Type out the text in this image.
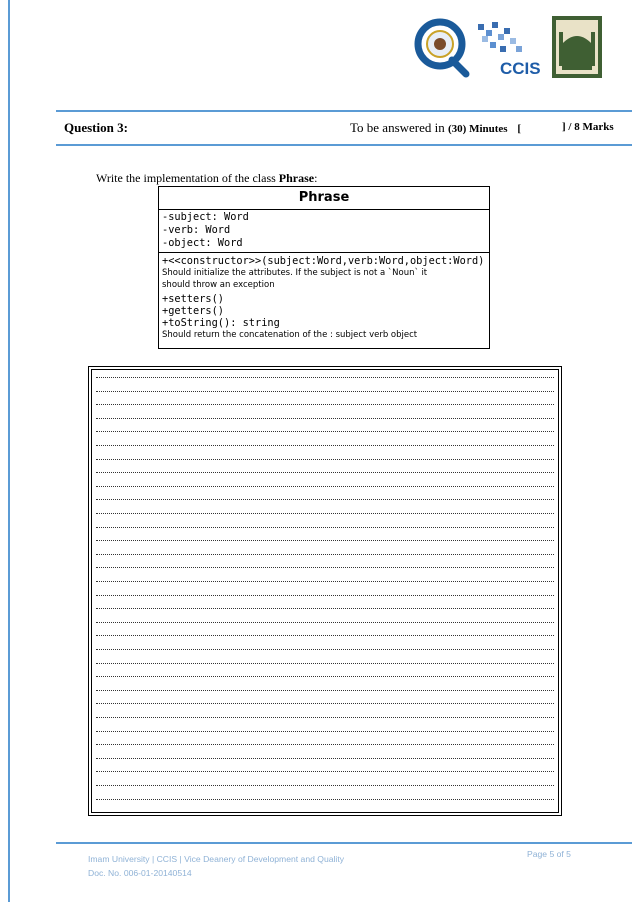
CCIS
Question 3:	To be answered in (30) Minutes [	] / 8 Marks
Write the implementation of the class Phrase:
Phrase
-subject: Word
-verb: Word
-object: Word
+<<constructor>>(subject:Word,verb:Word,object:Word)
Should initialize the attributes. If the subject is not a `Noun` it
should throw an exception
+setters()
+getters()
+toString(): string
Should return the concatenation of the : subject verb object
Imam University | CCIS | Vice Deanery of Development and Quality
Doc. No. 006-01-20140514
Page 5 of 5
